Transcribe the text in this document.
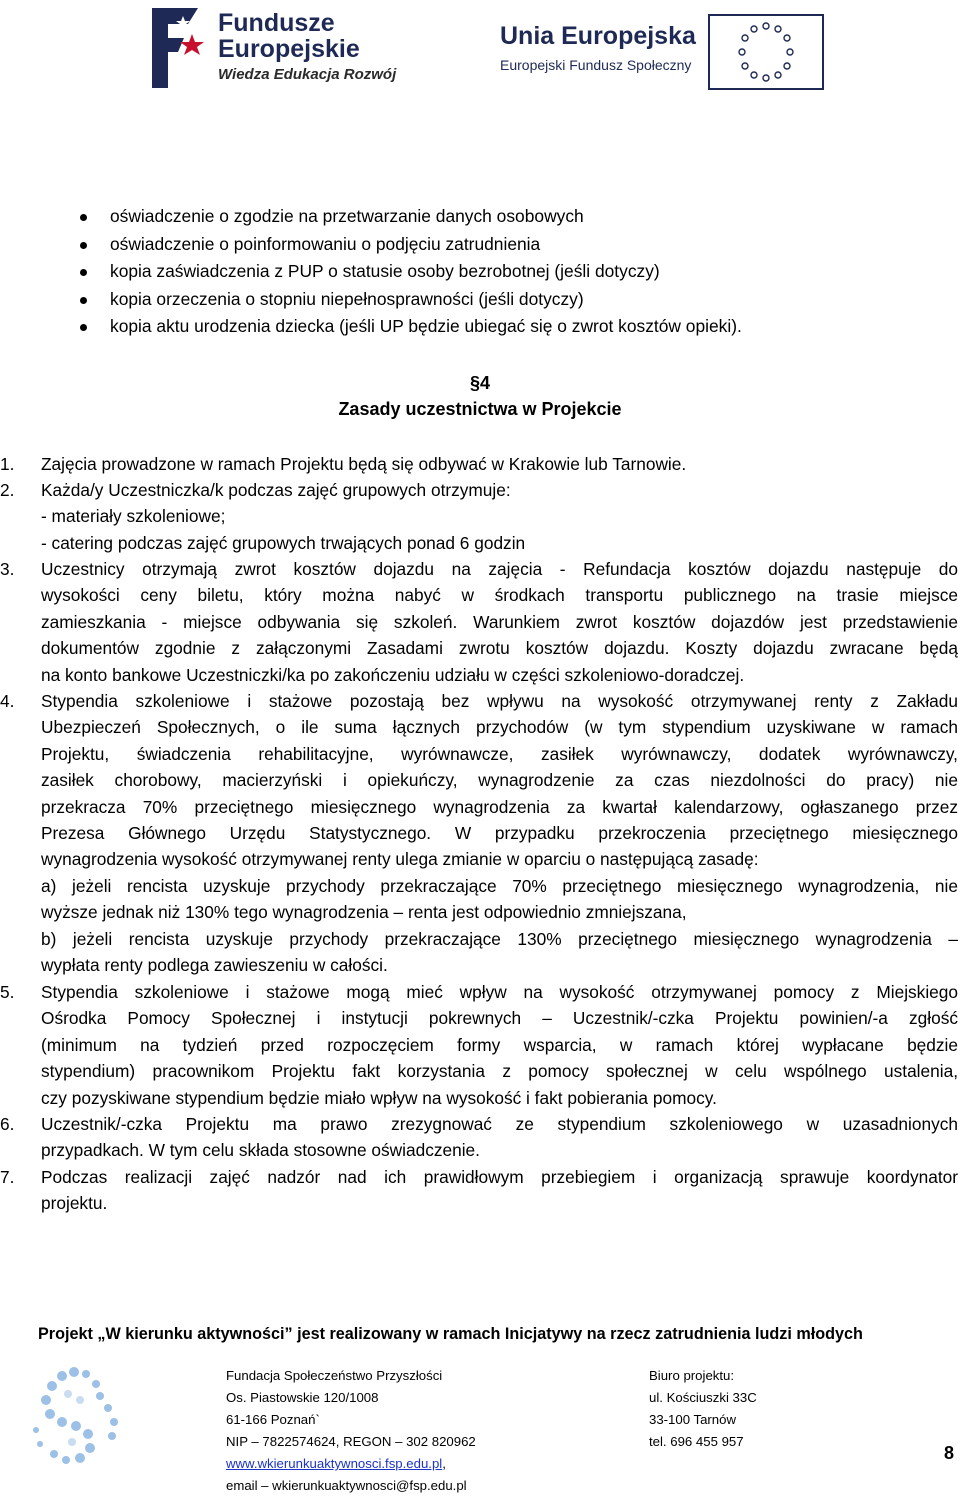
Fundusze
Europejskie
Wiedza Edukacja Rozwój
Unia Europejska
Europejski Fundusz Społeczny
oświadczenie o zgodzie na przetwarzanie danych osobowych
oświadczenie o poinformowaniu o podjęciu zatrudnienia
kopia zaświadczenia z PUP o statusie osoby bezrobotnej (jeśli dotyczy)
kopia orzeczenia o stopniu niepełnosprawności (jeśli dotyczy)
kopia aktu urodzenia dziecka (jeśli UP będzie ubiegać się o zwrot kosztów opieki).
§4
Zasady uczestnictwa w Projekcie
1. Zajęcia prowadzone w ramach Projektu będą się odbywać w Krakowie lub Tarnowie.
2. Każda/y Uczestniczka/k podczas zajęć grupowych otrzymuje:
- materiały szkoleniowe;
- catering podczas zajęć grupowych trwających ponad 6 godzin
3. Uczestnicy otrzymają zwrot kosztów dojazdu na zajęcia - Refundacja kosztów dojazdu następuje do
wysokości ceny biletu, który można nabyć w środkach transportu publicznego na trasie miejsce
zamieszkania - miejsce odbywania się szkoleń. Warunkiem zwrot kosztów dojazdów jest przedstawienie
dokumentów zgodnie z załączonymi Zasadami zwrotu kosztów dojazdu. Koszty dojazdu zwracane będą
na konto bankowe Uczestniczki/ka po zakończeniu udziału w części szkoleniowo-doradczej.
4. Stypendia szkoleniowe i stażowe pozostają bez wpływu na wysokość otrzymywanej renty z Zakładu
Ubezpieczeń Społecznych, o ile suma łącznych przychodów (w tym stypendium uzyskiwane w ramach
Projektu, świadczenia rehabilitacyjne, wyrównawcze, zasiłek wyrównawczy, dodatek wyrównawczy,
zasiłek chorobowy, macierzyński i opiekuńczy, wynagrodzenie za czas niezdolności do pracy) nie
przekracza 70% przeciętnego miesięcznego wynagrodzenia za kwartał kalendarzowy, ogłaszanego przez
Prezesa Głównego Urzędu Statystycznego. W przypadku przekroczenia przeciętnego miesięcznego
wynagrodzenia wysokość otrzymywanej renty ulega zmianie w oparciu o następującą zasadę:
a) jeżeli rencista uzyskuje przychody przekraczające 70% przeciętnego miesięcznego wynagrodzenia, nie
wyższe jednak niż 130% tego wynagrodzenia – renta jest odpowiednio zmniejszana,
b) jeżeli rencista uzyskuje przychody przekraczające 130% przeciętnego miesięcznego wynagrodzenia –
wypłata renty podlega zawieszeniu w całości.
5. Stypendia szkoleniowe i stażowe mogą mieć wpływ na wysokość otrzymywanej pomocy z Miejskiego
Ośrodka Pomocy Społecznej i instytucji pokrewnych – Uczestnik/-czka Projektu powinien/-a zgłość
(minimum na tydzień przed rozpoczęciem formy wsparcia, w ramach której wypłacane będzie
stypendium) pracownikom Projektu fakt korzystania z pomocy społecznej w celu wspólnego ustalenia,
czy pozyskiwane stypendium będzie miało wpływ na wysokość i fakt pobierania pomocy.
6. Uczestnik/-czka Projektu ma prawo zrezygnować ze stypendium szkoleniowego w uzasadnionych
przypadkach. W tym celu składa stosowne oświadczenie.
7. Podczas realizacji zajęć nadzór nad ich prawidłowym przebiegiem i organizacją sprawuje koordynator
projektu.
Projekt „W kierunku aktywności” jest realizowany w ramach Inicjatywy na rzecz zatrudnienia ludzi młodych
Fundacja Społeczeństwo Przyszłości
Os. Piastowskie 120/1008
61-166 Poznań`
NIP – 7822574624, REGON – 302 820962
www.wkierunkuaktywnosci.fsp.edu.pl,
email – wkierunkuaktywnosci@fsp.edu.pl
Biuro projektu:
ul. Kościuszki 33C
33-100 Tarnów
tel. 696 455 957
8
